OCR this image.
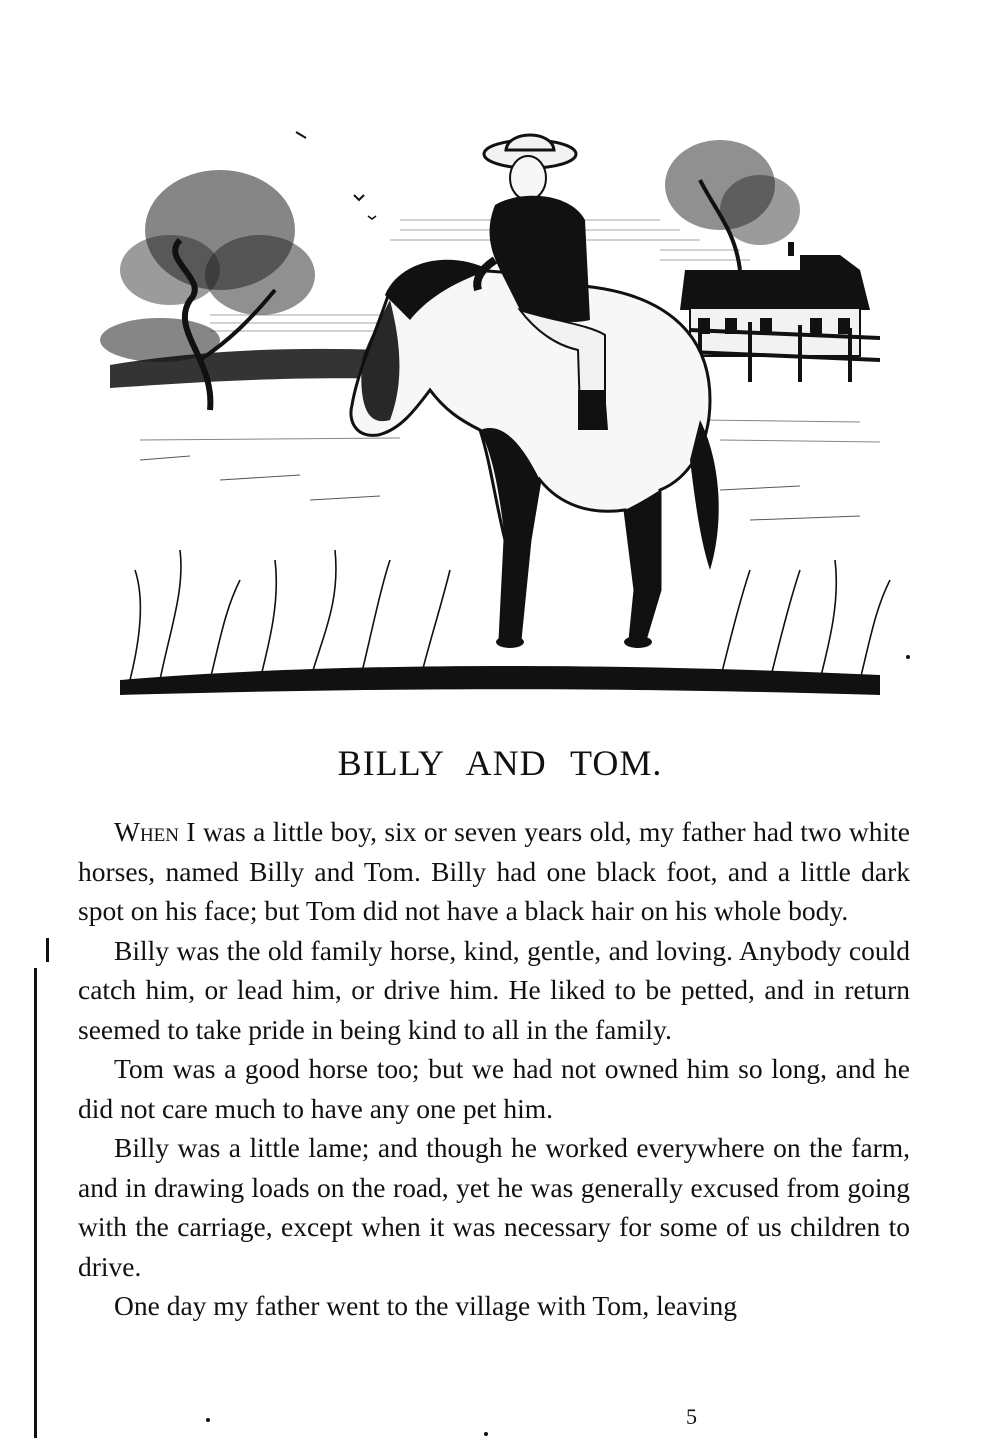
BILLY AND TOM.

When I was a little boy, six or seven years old, my father had two white horses, named Billy and Tom. Billy had one black foot, and a little dark spot on his face; but Tom did not have a black hair on his whole body.

Billy was the old family horse, kind, gentle, and loving. Anybody could catch him, or lead him, or drive him. He liked to be petted, and in return seemed to take pride in being kind to all in the family.

Tom was a good horse too; but we had not owned him so long, and he did not care much to have any one pet him.

Billy was a little lame; and though he worked everywhere on the farm, and in drawing loads on the road, yet he was generally excused from going with the carriage, except when it was necessary for some of us children to drive.

One day my father went to the village with Tom, leaving

5
